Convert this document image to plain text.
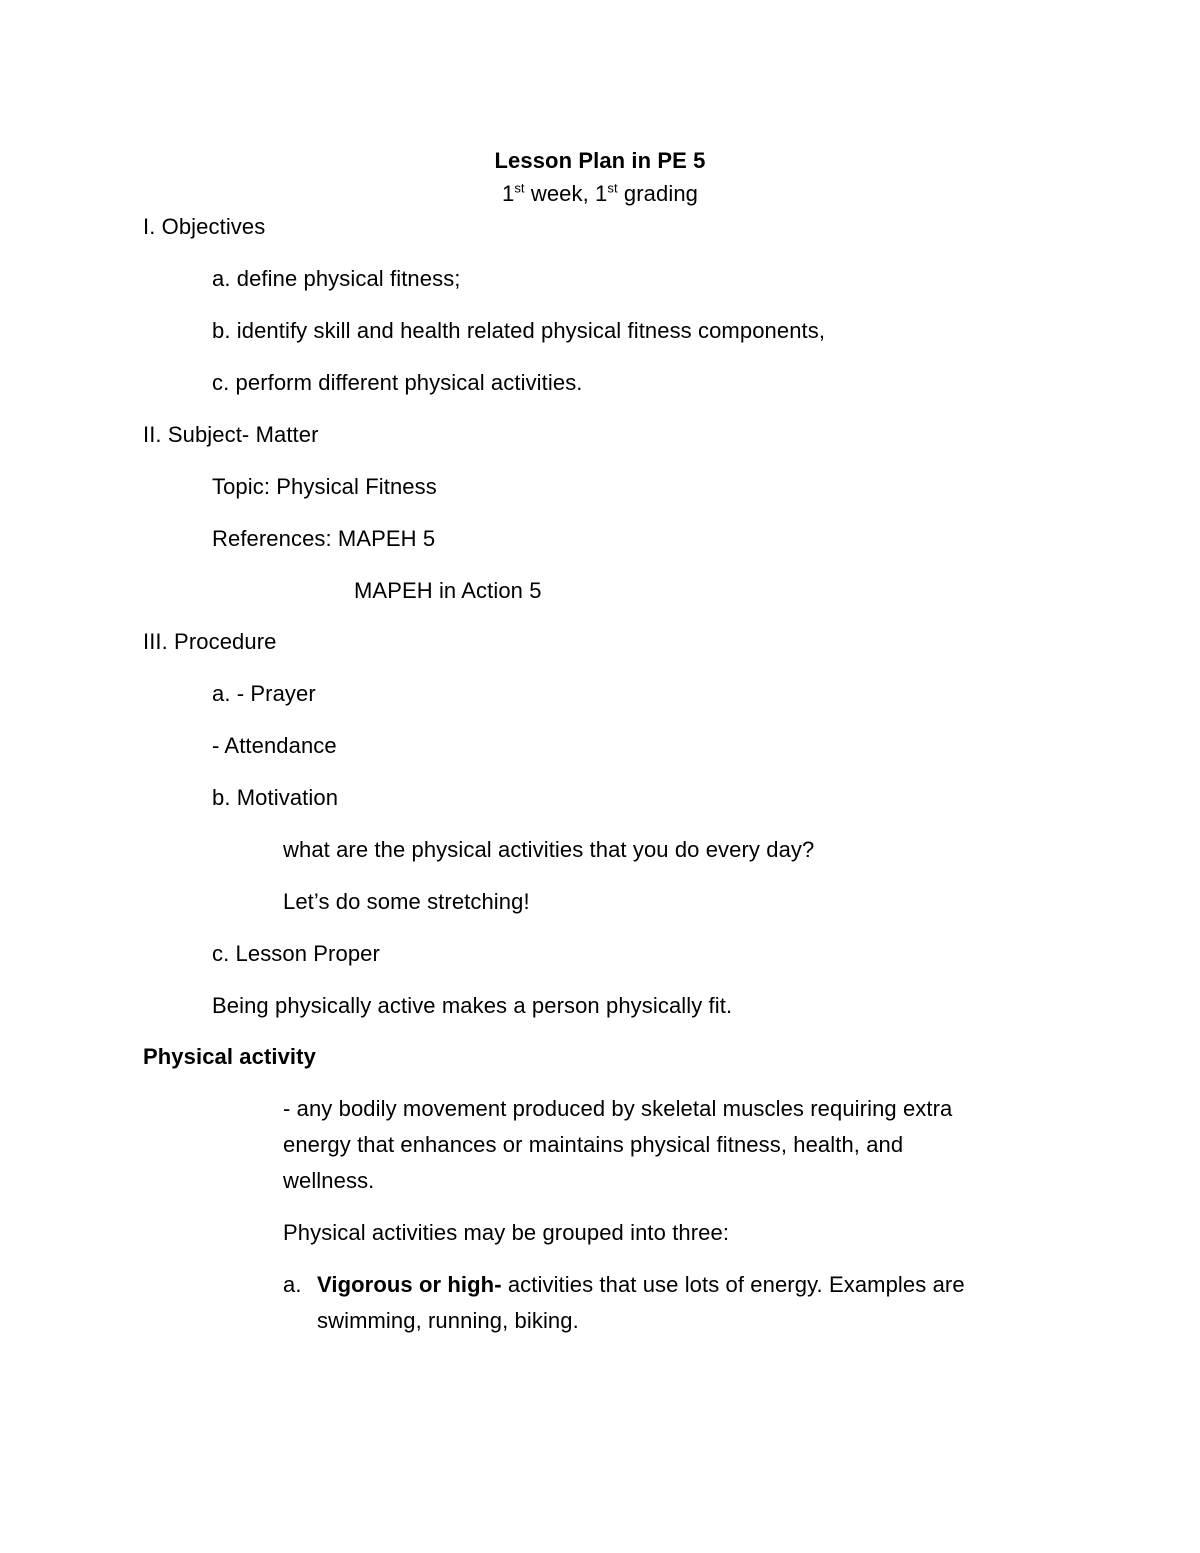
Lesson Plan in PE 5
1st week, 1st grading
I. Objectives
a. define physical fitness;
b. identify skill and health related physical fitness components,
c. perform different physical activities.
II. Subject- Matter
Topic: Physical Fitness
References: MAPEH 5
MAPEH in Action 5
III. Procedure
a. - Prayer
- Attendance
b. Motivation
what are the physical activities that you do every day?
Let’s do some stretching!
c. Lesson Proper
Being physically active makes a person physically fit.
Physical activity
- any bodily movement produced by skeletal muscles requiring extra
energy that enhances or maintains physical fitness, health, and
wellness.
Physical activities may be grouped into three:
a. Vigorous or high- activities that use lots of energy. Examples are
swimming, running, biking.
